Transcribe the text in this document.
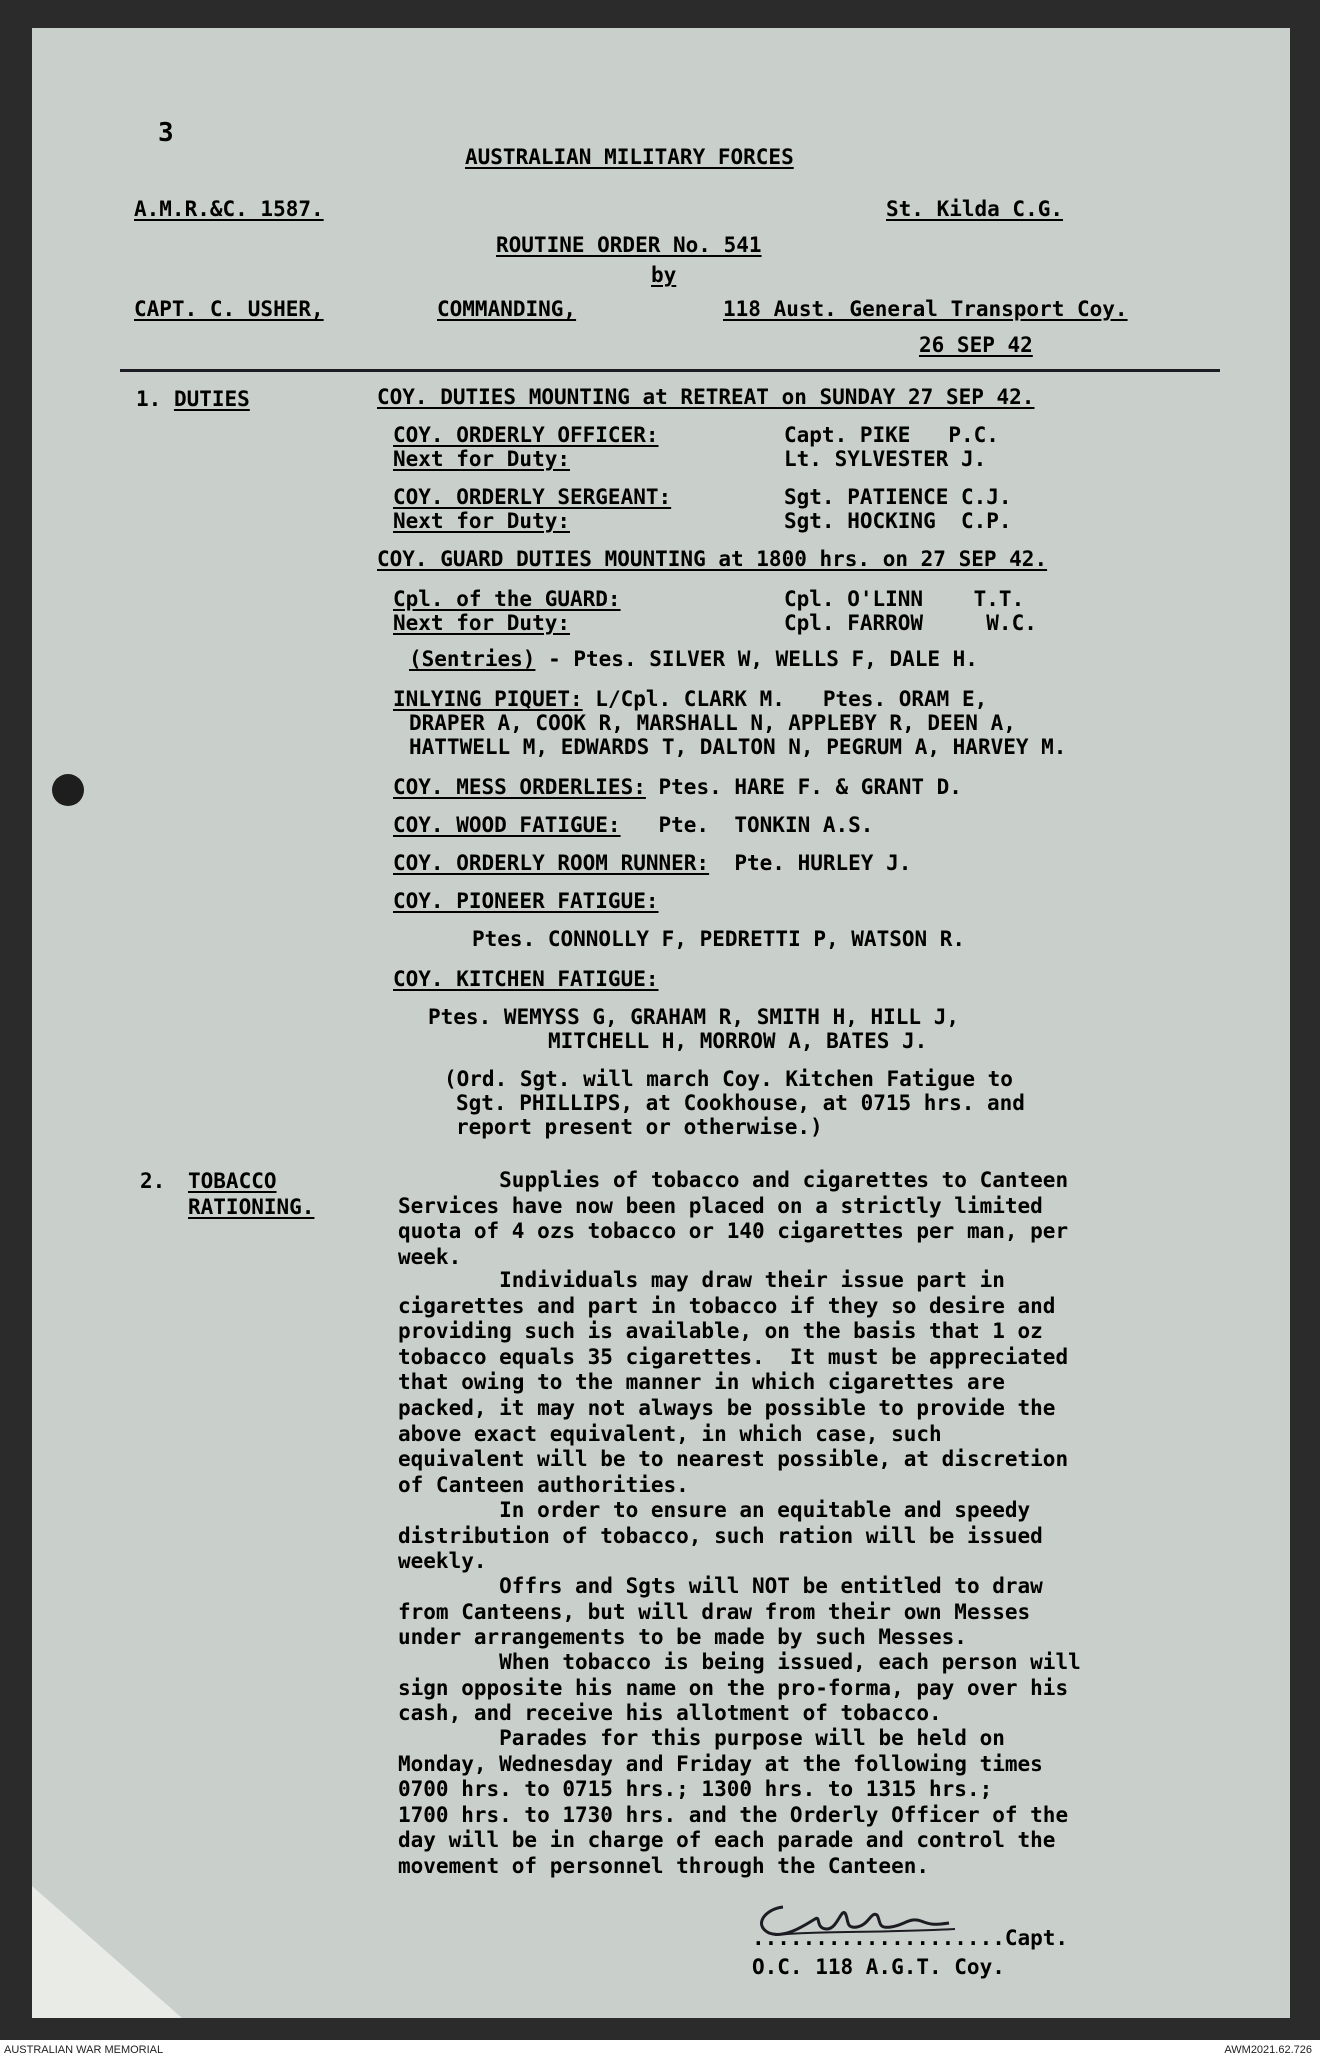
3
AUSTRALIAN MILITARY FORCES
A.M.R.&C. 1587.	St. Kilda C.G.
ROUTINE ORDER No. 541
by
CAPT. C. USHER,	COMMANDING,	118 Aust. General Transport Coy.
26 SEP 42
1. DUTIES	COY. DUTIES MOUNTING at RETREAT on SUNDAY 27 SEP 42.
COY. ORDERLY OFFICER:	Capt. PIKE   P.C.
Next for Duty:	Lt. SYLVESTER J.
COY. ORDERLY SERGEANT:	Sgt. PATIENCE C.J.
Next for Duty:	Sgt. HOCKING  C.P.
COY. GUARD DUTIES MOUNTING at 1800 hrs. on 27 SEP 42.
Cpl. of the GUARD:	Cpl. O'LINN    T.T.
Next for Duty:	Cpl. FARROW     W.C.
(Sentries) - Ptes. SILVER W, WELLS F, DALE H.
INLYING PIQUET: L/Cpl. CLARK M.   Ptes. ORAM E,
DRAPER A, COOK R, MARSHALL N, APPLEBY R, DEEN A,
HATTWELL M, EDWARDS T, DALTON N, PEGRUM A, HARVEY M.
COY. MESS ORDERLIES: Ptes. HARE F. & GRANT D.
COY. WOOD FATIGUE:   Pte.  TONKIN A.S.
COY. ORDERLY ROOM RUNNER:  Pte. HURLEY J.
COY. PIONEER FATIGUE:
Ptes. CONNOLLY F, PEDRETTI P, WATSON R.
COY. KITCHEN FATIGUE:
Ptes. WEMYSS G, GRAHAM R, SMITH H, HILL J,
MITCHELL H, MORROW A, BATES J.
(Ord. Sgt. will march Coy. Kitchen Fatigue to
Sgt. PHILLIPS, at Cookhouse, at 0715 hrs. and
report present or otherwise.)
2. TOBACCO
RATIONING.

Supplies of tobacco and cigarettes to Canteen
Services have now been placed on a strictly limited
quota of 4 ozs tobacco or 140 cigarettes per man, per
week.

Individuals may draw their issue part in
cigarettes and part in tobacco if they so desire and
providing such is available, on the basis that 1 oz
tobacco equals 35 cigarettes.  It must be appreciated
that owing to the manner in which cigarettes are
packed, it may not always be possible to provide the
above exact equivalent, in which case, such
equivalent will be to nearest possible, at discretion
of Canteen authorities.

In order to ensure an equitable and speedy
distribution of tobacco, such ration will be issued
weekly.

Offrs and Sgts will NOT be entitled to draw
from Canteens, but will draw from their own Messes
under arrangements to be made by such Messes.

When tobacco is being issued, each person will
sign opposite his name on the pro-forma, pay over his
cash, and receive his allotment of tobacco.

Parades for this purpose will be held on
Monday, Wednesday and Friday at the following times
0700 hrs. to 0715 hrs.; 1300 hrs. to 1315 hrs.;
1700 hrs. to 1730 hrs. and the Orderly Officer of the
day will be in charge of each parade and control the
movement of personnel through the Canteen.

....................Capt.
O.C. 118 A.G.T. Coy.
AUSTRALIAN WAR MEMORIAL	AWM2021.62.726
